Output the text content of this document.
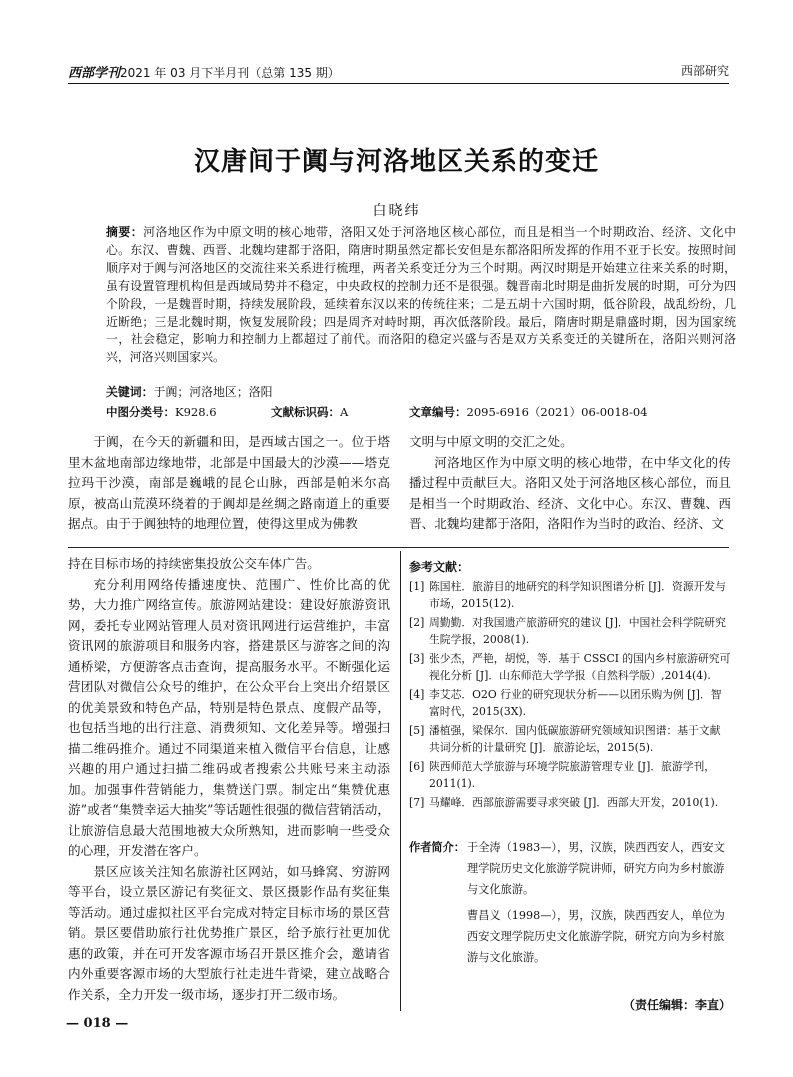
西部学刊2021 年 03 月下半月刊（总第 135 期）	西部研究
汉唐间于阗与河洛地区关系的变迁
白晓纬
摘要：河洛地区作为中原文明的核心地带，洛阳又处于河洛地区核心部位，而且是相当一个时期政治、经济、文化中心。东汉、曹魏、西晋、北魏均建都于洛阳，隋唐时期虽然定都长安但是东都洛阳所发挥的作用不亚于长安。按照时间顺序对于阗与河洛地区的交流往来关系进行梳理，两者关系变迁分为三个时期。两汉时期是开始建立往来关系的时期，虽有设置管理机构但是西域局势并不稳定，中央政权的控制力还不是很强。魏晋南北时期是曲折发展的时期，可分为四个阶段，一是魏晋时期，持续发展阶段，延续着东汉以来的传统往来；二是五胡十六国时期，低谷阶段，战乱纷纷，几近断绝；三是北魏时期，恢复发展阶段；四是周齐对峙时期，再次低落阶段。最后，隋唐时期是鼎盛时期，因为国家统一，社会稳定，影响力和控制力上都超过了前代。而洛阳的稳定兴盛与否是双方关系变迁的关键所在，洛阳兴则河洛兴，河洛兴则国家兴。
关键词：于阗；河洛地区；洛阳
中图分类号：K928.6	文献标识码：A	文章编号：2095-6916（2021）06-0018-04
于阗，在今天的新疆和田，是西域古国之一。位于塔里木盆地南部边缘地带，北部是中国最大的沙漠——塔克拉玛干沙漠，南部是巍峨的昆仑山脉，西部是帕米尔高原，被高山荒漠环绕着的于阗却是丝绸之路南道上的重要据点。由于于阗独特的地理位置，使得这里成为佛教
文明与中原文明的交汇之处。
河洛地区作为中原文明的核心地带，在中华文化的传播过程中贡献巨大。洛阳又处于河洛地区核心部位，而且是相当一个时期政治、经济、文化中心。东汉、曹魏、西晋、北魏均建都于洛阳，洛阳作为当时的政治、经济、文
持在目标市场的持续密集投放公交车体广告。
充分利用网络传播速度快、范围广、性价比高的优势，大力推广网络宣传。旅游网站建设：建设好旅游资讯网，委托专业网站管理人员对资讯网进行运营维护，丰富资讯网的旅游项目和服务内容，搭建景区与游客之间的沟通桥梁，方便游客点击查询，提高服务水平。不断强化运营团队对微信公众号的维护，在公众平台上突出介绍景区的优美景致和特色产品，特别是特色景点、度假产品等，也包括当地的出行注意、消费须知、文化差异等。增强扫描二维码推介。通过不同渠道来植入微信平台信息，让感兴趣的用户通过扫描二维码或者搜索公共账号来主动添加。加强事件营销能力，集赞送门票。制定出“集赞优惠游”或者“集赞幸运大抽奖”等话题性很强的微信营销活动，让旅游信息最大范围地被大众所熟知，进而影响一些受众的心理，开发潜在客户。
景区应该关注知名旅游社区网站，如马蜂窝、穷游网等平台，设立景区游记有奖征文、景区摄影作品有奖征集等活动。通过虚拟社区平台完成对特定目标市场的景区营销。景区要借助旅行社优势推广景区，给予旅行社更加优惠的政策，并在可开发客源市场召开景区推介会，邀请省内外重要客源市场的大型旅行社走进牛背梁，建立战略合作关系，全力开发一级市场，逐步打开二级市场。
参考文献：
[1] 陈国柱．旅游目的地研究的科学知识图谱分析 [J]．资源开发与市场，2015(12).
[2] 周勤勤．对我国遗产旅游研究的建议 [J]．中国社会科学院研究生院学报，2008(1).
[3] 张少杰，严艳，胡悦，等．基于 CSSCI 的国内乡村旅游研究可视化分析 [J]．山东师范大学学报（自然科学版）,2014(4).
[4] 李艾芯．O2O 行业的研究现状分析——以团乐购为例 [J]．智富时代，2015(3X).
[5] 潘植强，梁保尔．国内低碳旅游研究领域知识图谱：基于文献共词分析的计量研究 [J]．旅游论坛，2015(5).
[6] 陕西师范大学旅游与环境学院旅游管理专业 [J]．旅游学刊，2011(1).
[7] 马耀峰．西部旅游需要寻求突破 [J]．西部大开发，2010(1).
作者简介： 于全涛（1983—），男，汉族，陕西西安人，西安文理学院历史文化旅游学院讲师，研究方向为乡村旅游与文化旅游。
曹昌义（1998—），男，汉族，陕西西安人，单位为西安文理学院历史文化旅游学院，研究方向为乡村旅游与文化旅游。
（责任编辑：李直）
— 018 —
